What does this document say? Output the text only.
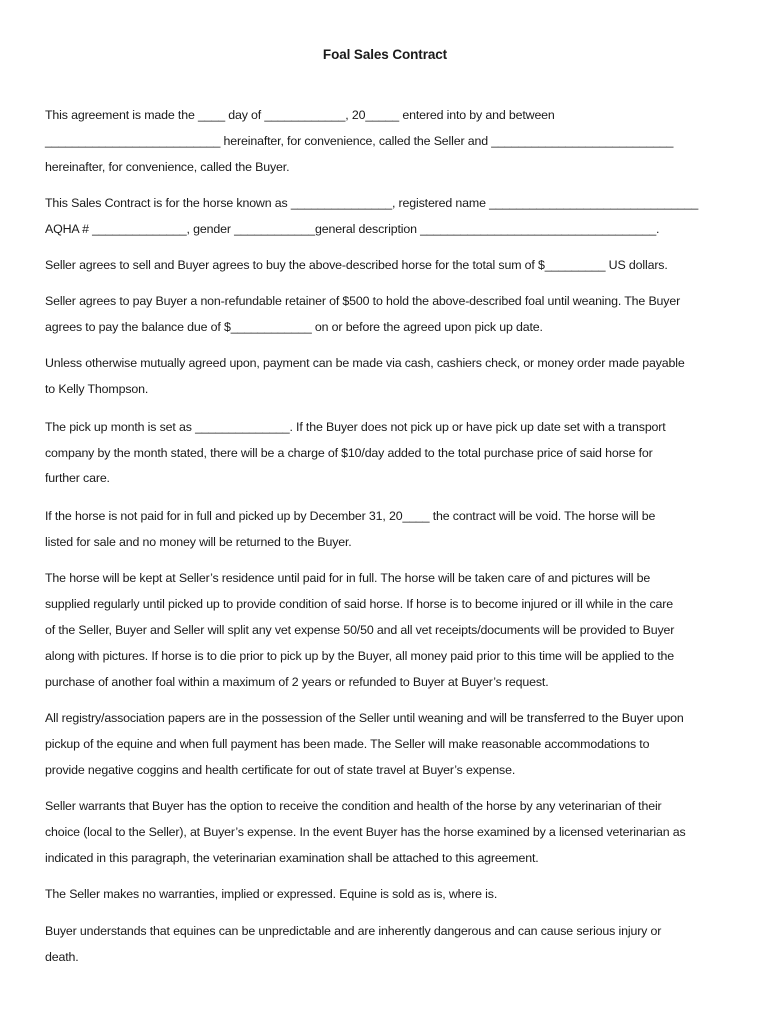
Foal Sales Contract
This agreement is made the ____ day of ____________, 20_____ entered into by and between
__________________________ hereinafter, for convenience, called the Seller and ___________________________
hereinafter, for convenience, called the Buyer.
This Sales Contract is for the horse known as _______________, registered name _______________________________
AQHA # ______________, gender ____________general description ___________________________________.
Seller agrees to sell and Buyer agrees to buy the above-described horse for the total sum of $_________ US dollars.
Seller agrees to pay Buyer a non-refundable retainer of $500 to hold the above-described foal until weaning. The Buyer
agrees to pay the balance due of $____________ on or before the agreed upon pick up date.
Unless otherwise mutually agreed upon, payment can be made via cash, cashiers check, or money order made payable
to Kelly Thompson.
The pick up month is set as ______________. If the Buyer does not pick up or have pick up date set with a transport
company by the month stated, there will be a charge of $10/day added to the total purchase price of said horse for
further care.
If the horse is not paid for in full and picked up by December 31, 20____ the contract will be void. The horse will be
listed for sale and no money will be returned to the Buyer.
The horse will be kept at Seller’s residence until paid for in full. The horse will be taken care of and pictures will be
supplied regularly until picked up to provide condition of said horse. If horse is to become injured or ill while in the care
of the Seller, Buyer and Seller will split any vet expense 50/50 and all vet receipts/documents will be provided to Buyer
along with pictures. If horse is to die prior to pick up by the Buyer, all money paid prior to this time will be applied to the
purchase of another foal within a maximum of 2 years or refunded to Buyer at Buyer’s request.
All registry/association papers are in the possession of the Seller until weaning and will be transferred to the Buyer upon
pickup of the equine and when full payment has been made. The Seller will make reasonable accommodations to
provide negative coggins and health certificate for out of state travel at Buyer’s expense.
Seller warrants that Buyer has the option to receive the condition and health of the horse by any veterinarian of their
choice (local to the Seller), at Buyer’s expense. In the event Buyer has the horse examined by a licensed veterinarian as
indicated in this paragraph, the veterinarian examination shall be attached to this agreement.
The Seller makes no warranties, implied or expressed. Equine is sold as is, where is.
Buyer understands that equines can be unpredictable and are inherently dangerous and can cause serious injury or
death.
